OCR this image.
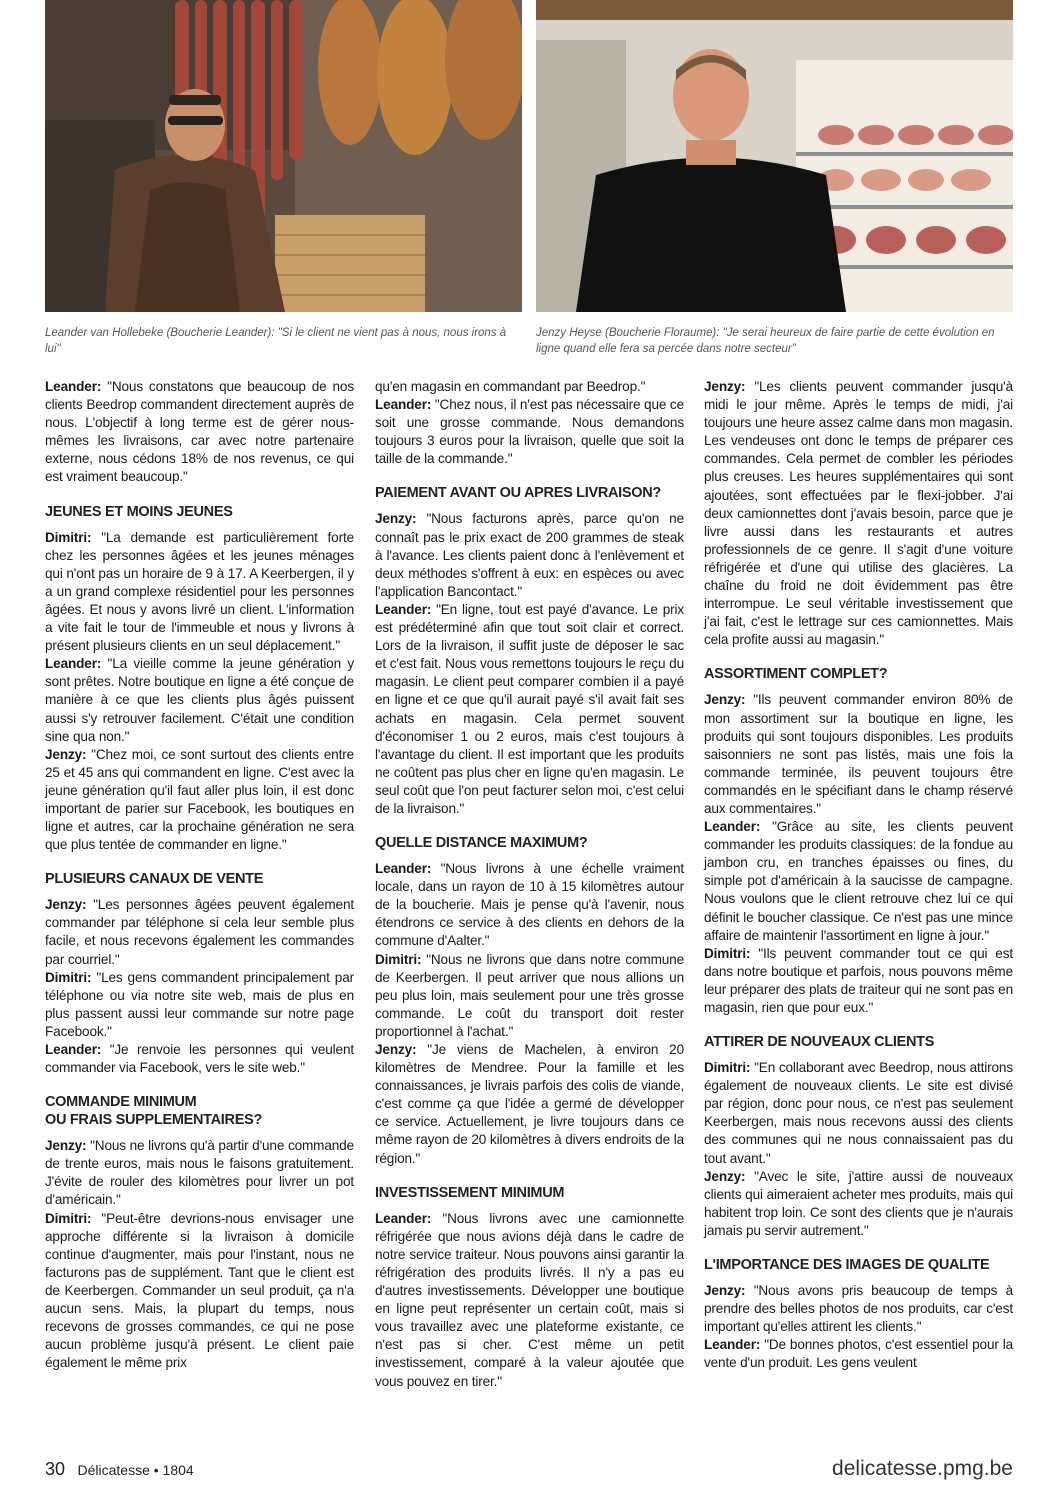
Leander van Hollebeke (Boucherie Leander): "Si le client ne vient pas à nous, nous irons à lui"
Jenzy Heyse (Boucherie Floraume): "Je serai heureux de faire partie de cette évolution en ligne quand elle fera sa percée dans notre secteur"

Leander: "Nous constatons que beaucoup de nos clients Beedrop commandent directement auprès de nous. L'objectif à long terme est de gérer nous-mêmes les livraisons, car avec notre partenaire externe, nous cédons 18% de nos revenus, ce qui est vraiment beaucoup."

JEUNES ET MOINS JEUNES

Dimitri: "La demande est particulièrement forte chez les personnes âgées et les jeunes ménages qui n'ont pas un horaire de 9 à 17. A Keerbergen, il y a un grand complexe résidentiel pour les personnes âgées. Et nous y avons livré un client. L'information a vite fait le tour de l'immeuble et nous y livrons à présent plusieurs clients en un seul déplacement."

Leander: "La vieille comme la jeune génération y sont prêtes. Notre boutique en ligne a été conçue de manière à ce que les clients plus âgés puissent aussi s'y retrouver facilement. C'était une condition sine qua non."

Jenzy: "Chez moi, ce sont surtout des clients entre 25 et 45 ans qui commandent en ligne. C'est avec la jeune génération qu'il faut aller plus loin, il est donc important de parier sur Facebook, les boutiques en ligne et autres, car la prochaine génération ne sera que plus tentée de commander en ligne."

PLUSIEURS CANAUX DE VENTE

Jenzy: "Les personnes âgées peuvent également commander par téléphone si cela leur semble plus facile, et nous recevons également les commandes par courriel."

Dimitri: "Les gens commandent principalement par téléphone ou via notre site web, mais de plus en plus passent aussi leur commande sur notre page Facebook."

Leander: "Je renvoie les personnes qui veulent commander via Facebook, vers le site web."

COMMANDE MINIMUM
OU FRAIS SUPPLEMENTAIRES?

Jenzy: "Nous ne livrons qu'à partir d'une commande de trente euros, mais nous le faisons gratuitement. J'évite de rouler des kilomètres pour livrer un pot d'américain."

Dimitri: "Peut-être devrions-nous envisager une approche différente si la livraison à domicile continue d'augmenter, mais pour l'instant, nous ne facturons pas de supplément. Tant que le client est de Keerbergen. Commander un seul produit, ça n'a aucun sens. Mais, la plupart du temps, nous recevons de grosses commandes, ce qui ne pose aucun problème jusqu'à présent. Le client paie également le même prix

qu'en magasin en commandant par Beedrop."

Leander: "Chez nous, il n'est pas nécessaire que ce soit une grosse commande. Nous demandons toujours 3 euros pour la livraison, quelle que soit la taille de la commande."

PAIEMENT AVANT OU APRES LIVRAISON?

Jenzy: "Nous facturons après, parce qu'on ne connaît pas le prix exact de 200 grammes de steak à l'avance. Les clients paient donc à l'enlèvement et deux méthodes s'offrent à eux: en espèces ou avec l'application Bancontact."

Leander: "En ligne, tout est payé d'avance. Le prix est prédéterminé afin que tout soit clair et correct. Lors de la livraison, il suffit juste de déposer le sac et c'est fait. Nous vous remettons toujours le reçu du magasin. Le client peut comparer combien il a payé en ligne et ce que qu'il aurait payé s'il avait fait ses achats en magasin. Cela permet souvent d'économiser 1 ou 2 euros, mais c'est toujours à l'avantage du client. Il est important que les produits ne coûtent pas plus cher en ligne qu'en magasin. Le seul coût que l'on peut facturer selon moi, c'est celui de la livraison."

QUELLE DISTANCE MAXIMUM?

Leander: "Nous livrons à une échelle vraiment locale, dans un rayon de 10 à 15 kilomètres autour de la boucherie. Mais je pense qu'à l'avenir, nous étendrons ce service à des clients en dehors de la commune d'Aalter."

Dimitri: "Nous ne livrons que dans notre commune de Keerbergen. Il peut arriver que nous allions un peu plus loin, mais seulement pour une très grosse commande. Le coût du transport doit rester proportionnel à l'achat."

Jenzy: "Je viens de Machelen, à environ 20 kilomètres de Mendree. Pour la famille et les connaissances, je livrais parfois des colis de viande, c'est comme ça que l'idée a germé de développer ce service. Actuellement, je livre toujours dans ce même rayon de 20 kilomètres à divers endroits de la région."

INVESTISSEMENT MINIMUM

Leander: "Nous livrons avec une camionnette réfrigérée que nous avions déjà dans le cadre de notre service traiteur. Nous pouvons ainsi garantir la réfrigération des produits livrés. Il n'y a pas eu d'autres investissements. Développer une boutique en ligne peut représenter un certain coût, mais si vous travaillez avec une plateforme existante, ce n'est pas si cher. C'est même un petit investissement, comparé à la valeur ajoutée que vous pouvez en tirer."

Jenzy: "Les clients peuvent commander jusqu'à midi le jour même. Après le temps de midi, j'ai toujours une heure assez calme dans mon magasin. Les vendeuses ont donc le temps de préparer ces commandes. Cela permet de combler les périodes plus creuses. Les heures supplémentaires qui sont ajoutées, sont effectuées par le flexi-jobber. J'ai deux camionnettes dont j'avais besoin, parce que je livre aussi dans les restaurants et autres professionnels de ce genre. Il s'agit d'une voiture réfrigérée et d'une qui utilise des glacières. La chaîne du froid ne doit évidemment pas être interrompue. Le seul véritable investissement que j'ai fait, c'est le lettrage sur ces camionnettes. Mais cela profite aussi au magasin."

ASSORTIMENT COMPLET?

Jenzy: "Ils peuvent commander environ 80% de mon assortiment sur la boutique en ligne, les produits qui sont toujours disponibles. Les produits saisonniers ne sont pas listés, mais une fois la commande terminée, ils peuvent toujours être commandés en le spécifiant dans le champ réservé aux commentaires."

Leander: "Grâce au site, les clients peuvent commander les produits classiques: de la fondue au jambon cru, en tranches épaisses ou fines, du simple pot d'américain à la saucisse de campagne. Nous voulons que le client retrouve chez lui ce qui définit le boucher classique. Ce n'est pas une mince affaire de maintenir l'assortiment en ligne à jour."

Dimitri: "Ils peuvent commander tout ce qui est dans notre boutique et parfois, nous pouvons même leur préparer des plats de traiteur qui ne sont pas en magasin, rien que pour eux."

ATTIRER DE NOUVEAUX CLIENTS

Dimitri: "En collaborant avec Beedrop, nous attirons également de nouveaux clients. Le site est divisé par région, donc pour nous, ce n'est pas seulement Keerbergen, mais nous recevons aussi des clients des communes qui ne nous connaissaient pas du tout avant."

Jenzy: "Avec le site, j'attire aussi de nouveaux clients qui aimeraient acheter mes produits, mais qui habitent trop loin. Ce sont des clients que je n'aurais jamais pu servir autrement."

L'IMPORTANCE DES IMAGES DE QUALITE

Jenzy: "Nous avons pris beaucoup de temps à prendre des belles photos de nos produits, car c'est important qu'elles attirent les clients."

Leander: "De bonnes photos, c'est essentiel pour la vente d'un produit. Les gens veulent

30 Délicatesse • 1804	delicatesse.pmg.be
